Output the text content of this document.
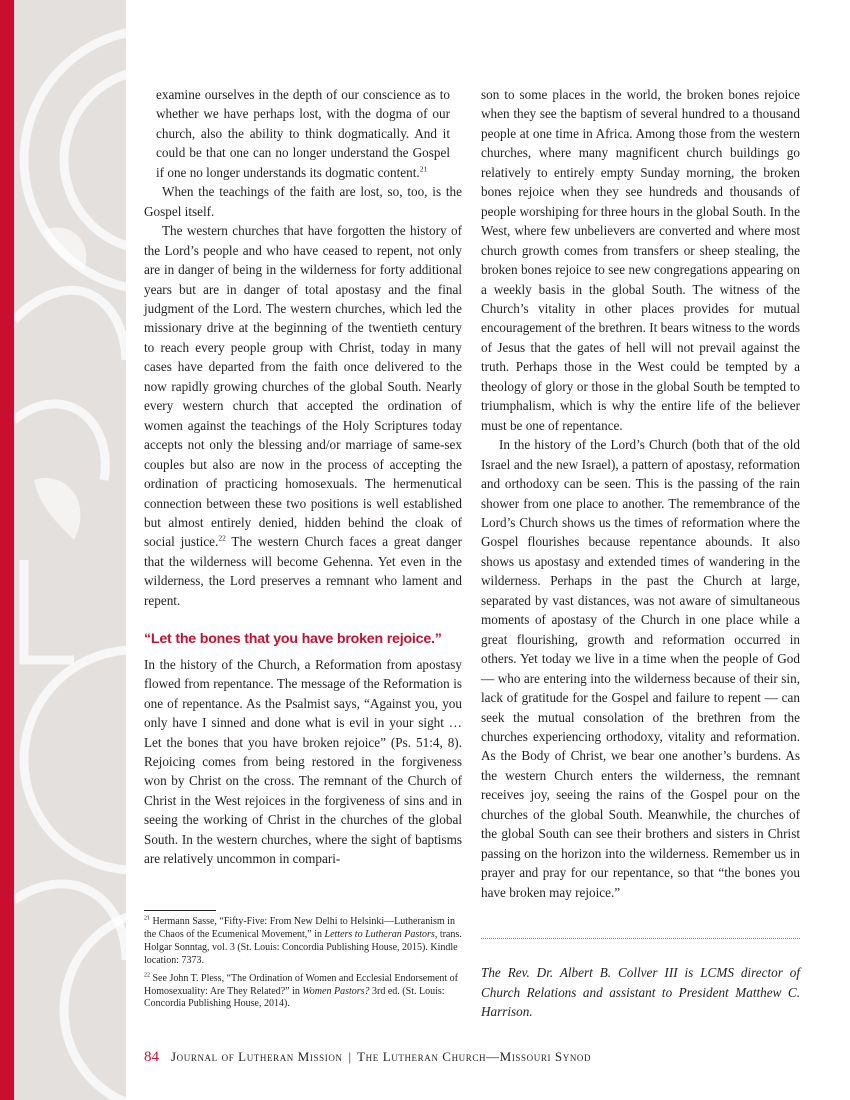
examine ourselves in the depth of our conscience as to whether we have perhaps lost, with the dogma of our church, also the ability to think dogmatically. And it could be that one can no longer understand the Gospel if one no longer understands its dogmatic content.$^{21}$

When the teachings of the faith are lost, so, too, is the Gospel itself.

The western churches that have forgotten the history of the Lord’s people and who have ceased to repent, not only are in danger of being in the wilderness for forty additional years but are in danger of total apostasy and the final judgment of the Lord. The western churches, which led the missionary drive at the beginning of the twentieth century to reach every people group with Christ, today in many cases have departed from the faith once delivered to the now rapidly growing churches of the global South. Nearly every western church that accepted the ordination of women against the teachings of the Holy Scriptures today accepts not only the blessing and/or marriage of same-sex couples but also are now in the process of accepting the ordination of practicing homosexuals. The hermenutical connection between these two positions is well established but almost entirely denied, hidden behind the cloak of social justice.$^{22}$ The western Church faces a great danger that the wilderness will become Gehenna. Yet even in the wilderness, the Lord preserves a remnant who lament and repent.

“Let the bones that you have broken rejoice.”

In the history of the Church, a Reformation from apostasy flowed from repentance. The message of the Reformation is one of repentance. As the Psalmist says, “Against you, you only have I sinned and done what is evil in your sight … Let the bones that you have broken rejoice” (Ps. 51:4, 8). Rejoicing comes from being restored in the forgiveness won by Christ on the cross. The remnant of the Church of Christ in the West rejoices in the forgiveness of sins and in seeing the working of Christ in the churches of the global South. In the western churches, where the sight of baptisms are relatively uncommon in compari-

$^{21}$ Hermann Sasse, “Fifty-Five: From New Delhi to Helsinki—Lutheranism in the Chaos of the Ecumenical Movement,” in Letters to Lutheran Pastors, trans. Holgar Sonntag, vol. 3 (St. Louis: Concordia Publishing House, 2015). Kindle location: 7373.

$^{22}$ See John T. Pless, “The Ordination of Women and Ecclesial Endorsement of Homosexuality: Are They Related?” in Women Pastors? 3rd ed. (St. Louis: Concordia Publishing House, 2014).

son to some places in the world, the broken bones rejoice when they see the baptism of several hundred to a thousand people at one time in Africa. Among those from the western churches, where many magnificent church buildings go relatively to entirely empty Sunday morning, the broken bones rejoice when they see hundreds and thousands of people worshiping for three hours in the global South. In the West, where few unbelievers are converted and where most church growth comes from transfers or sheep stealing, the broken bones rejoice to see new congregations appearing on a weekly basis in the global South. The witness of the Church’s vitality in other places provides for mutual encouragement of the brethren. It bears witness to the words of Jesus that the gates of hell will not prevail against the truth. Perhaps those in the West could be tempted by a theology of glory or those in the global South be tempted to triumphalism, which is why the entire life of the believer must be one of repentance.

In the history of the Lord’s Church (both that of the old Israel and the new Israel), a pattern of apostasy, reformation and orthodoxy can be seen. This is the passing of the rain shower from one place to another. The remembrance of the Lord’s Church shows us the times of reformation where the Gospel flourishes because repentance abounds. It also shows us apostasy and extended times of wandering in the wilderness. Perhaps in the past the Church at large, separated by vast distances, was not aware of simultaneous moments of apostasy of the Church in one place while a great flourishing, growth and reformation occurred in others. Yet today we live in a time when the people of God — who are entering into the wilderness because of their sin, lack of gratitude for the Gospel and failure to repent — can seek the mutual consolation of the brethren from the churches experiencing orthodoxy, vitality and reformation. As the Body of Christ, we bear one another’s burdens. As the western Church enters the wilderness, the remnant receives joy, seeing the rains of the Gospel pour on the churches of the global South. Meanwhile, the churches of the global South can see their brothers and sisters in Christ passing on the horizon into the wilderness. Remember us in prayer and pray for our repentance, so that “the bones you have broken may rejoice.”

The Rev. Dr. Albert B. Collver III is LCMS director of Church Relations and assistant to President Matthew C. Harrison.

84 Journal of Lutheran Mission | The Lutheran Church—Missouri Synod
